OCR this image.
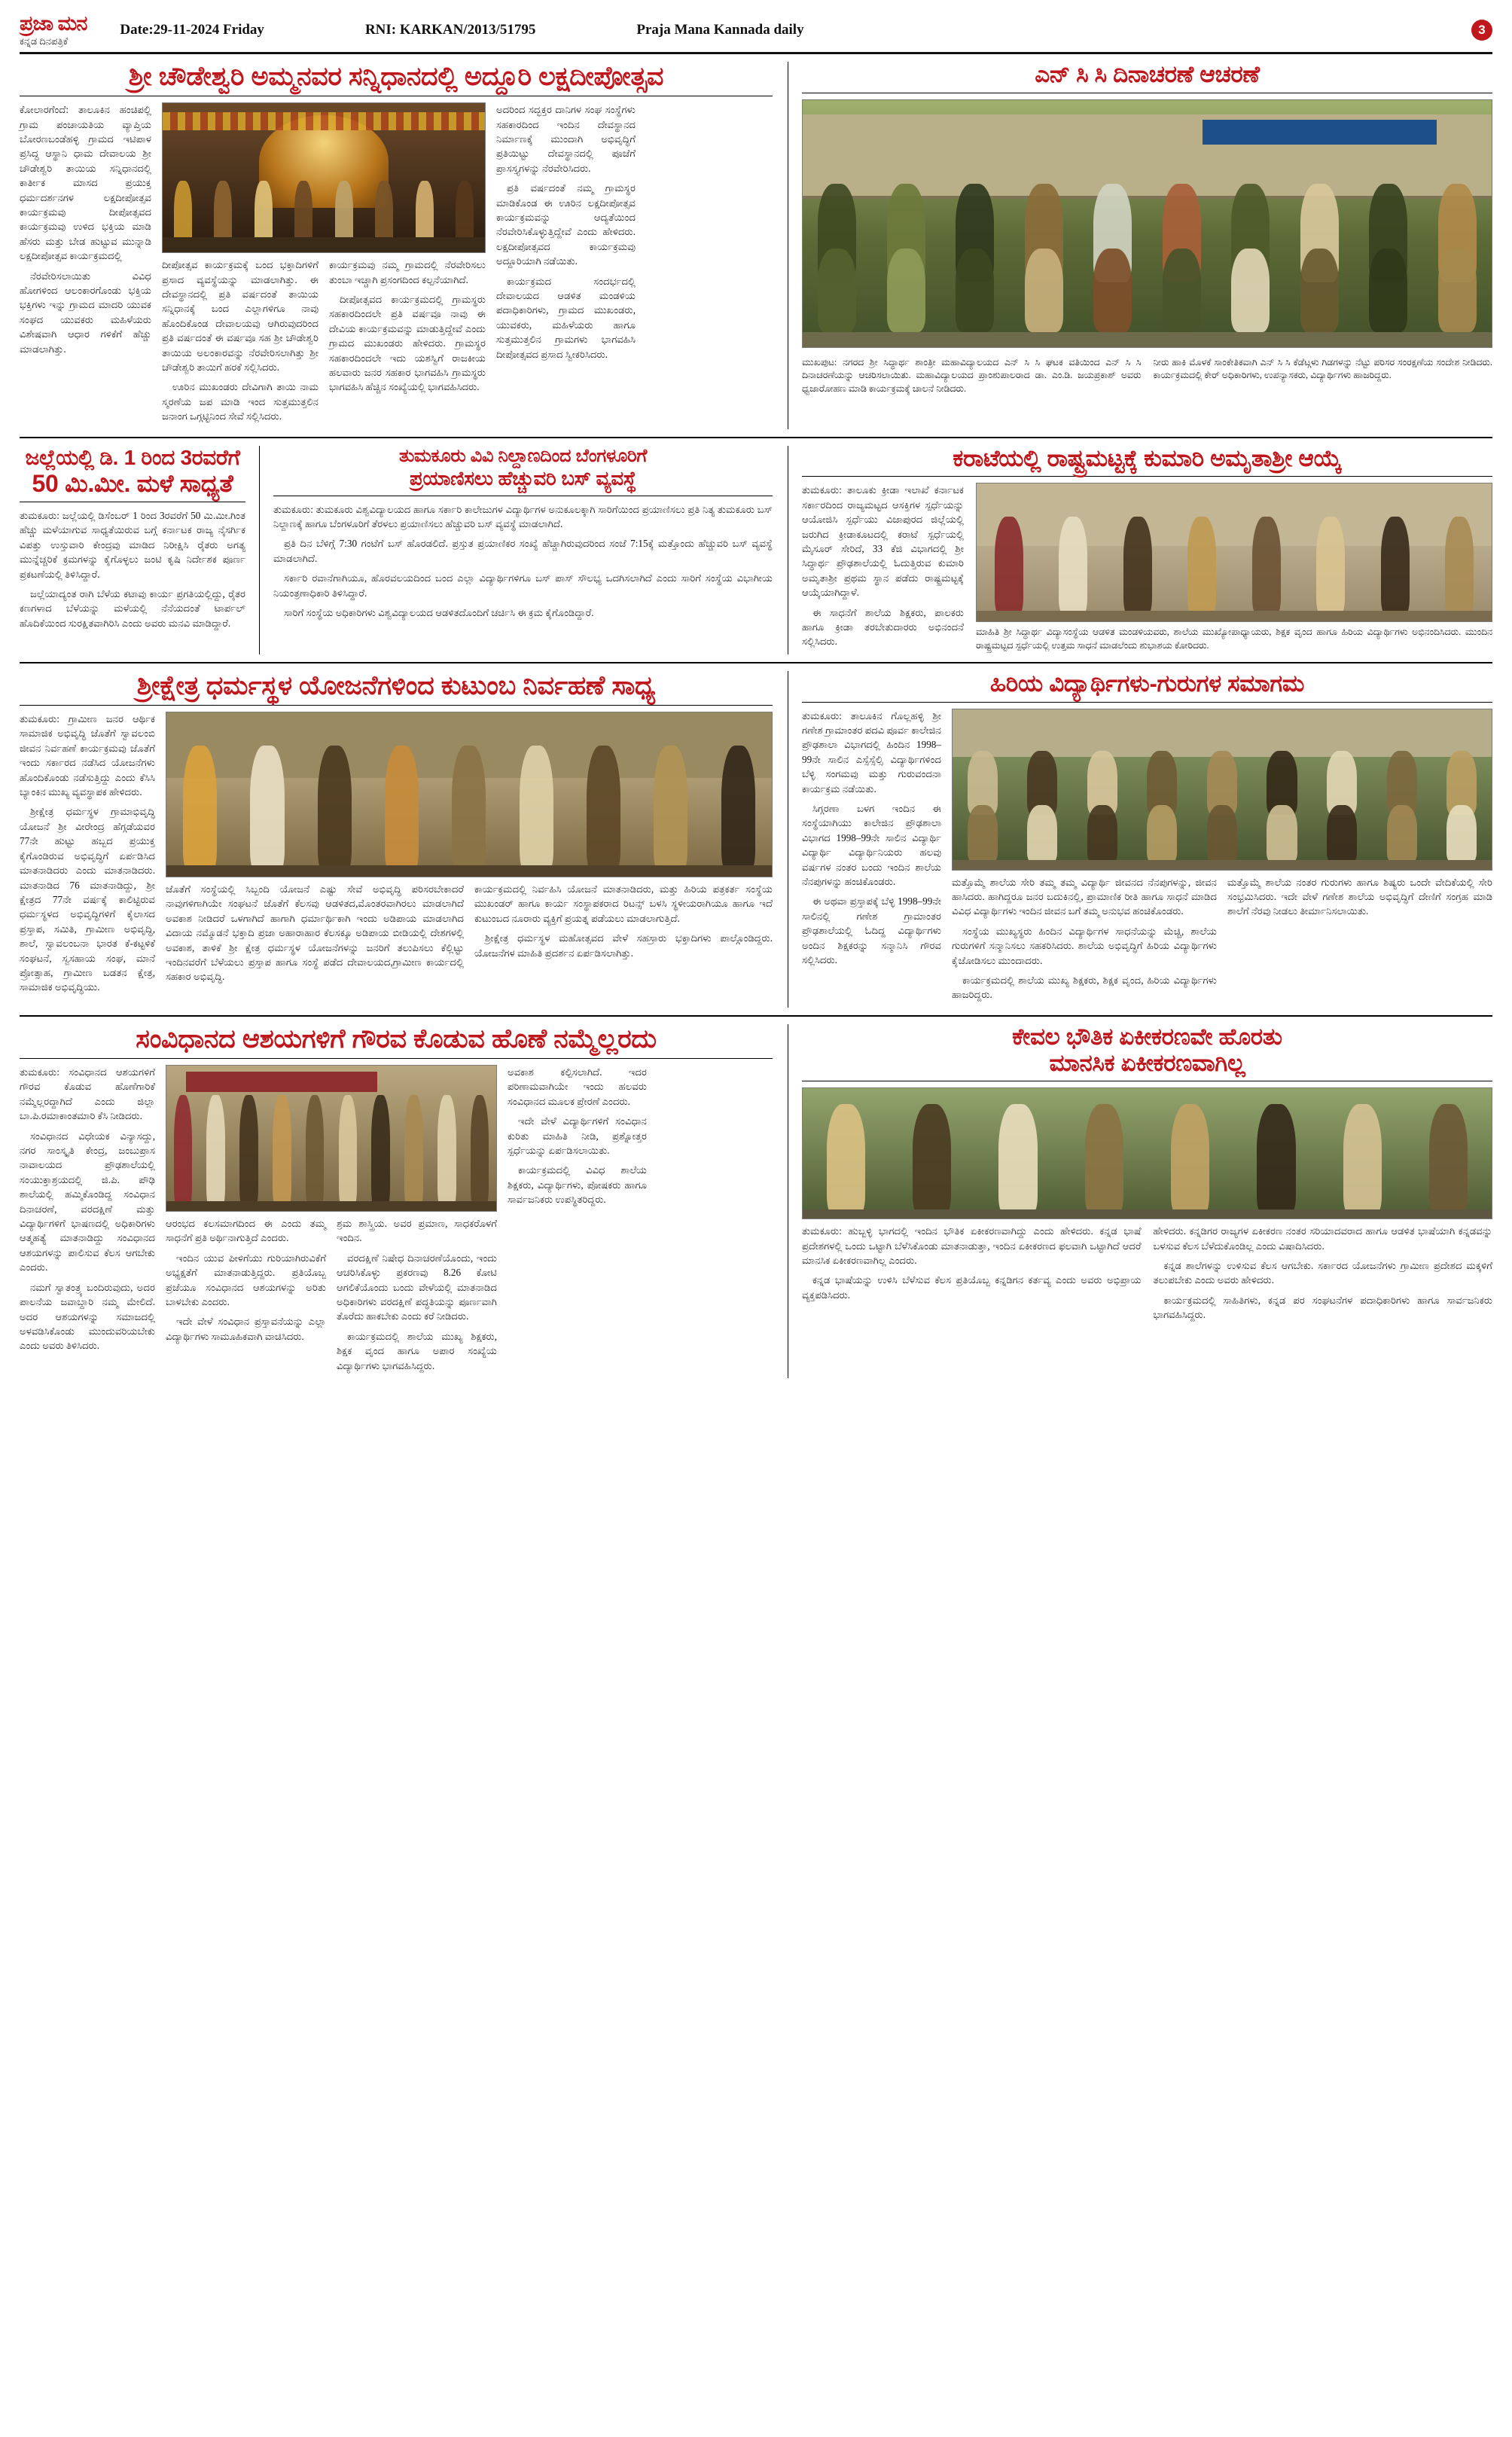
ಪ್ರಜಾ ಮನ
ಕನ್ನಡ ದಿನಪತ್ರಿಕೆ
Date:29-11-2024 Friday	RNI: KARKAN/2013/51795	Praja Mana Kannada daily	3
ಶ್ರೀ ಚೌಡೇಶ್ವರಿ ಅಮ್ಮನವರ ಸನ್ನಿಧಾನದಲ್ಲಿ ಅದ್ದೂರಿ ಲಕ್ಷದೀಪೋತ್ಸವ

ಕೋಲಾರಗೆಂದೆ: ತಾಲೂಕಿನ ಹಂಚಿಪಲ್ಲಿ ಗ್ರಾಮ ಪಂಚಾಯತಿಯ ವ್ಯಾಪ್ತಿಯ ಬೋರಣಬಂಡೆಹಳ್ಳಿ ಗ್ರಾಮದ ಇಟಿಪಾಳ ಪ್ರಸಿದ್ಧ ಆಸ್ಥಾನಿ ಧಾಮ ದೇವಾಲಯ ಶ್ರೀ ಚೌಡೇಶ್ವರಿ ತಾಯಿಯ ಸನ್ನಿಧಾನದಲ್ಲಿ ಕಾರ್ತೀಕ ಮಾಸದ ಪ್ರಯುಕ್ತ ಧರ್ಮದರ್ಶನಗಳ ಲಕ್ಷದೀಪೋತ್ಸವ ಕಾರ್ಯಕ್ರಮವು ದೀಪೋತ್ಸವದ ಕಾರ್ಯಕ್ರಮವು ಉಳಿದ ಭಕ್ತಿಯ ಮಾಡಿ ಹೆಸರು ಮತ್ತು ಬೇಡ ಹುಟ್ಟುವ ಮುನ್ನಾಡಿ ಲಕ್ಷದೀಪೋತ್ಸವ ಕಾರ್ಯಕ್ರಮದಲ್ಲಿ

ನೆರವೇರಿಸಲಾಯಿತು ವಿವಿಧ ಹೋಗಳಿಂದ ಆಲಂಕಾರಗೊಂಡು ಭಕ್ತಿಯ ಭಕ್ತಿಗಳು ಇನ್ನು ಗ್ರಾಮದ ಮಾದರಿ ಯುವಕ ಸಂಘದ ಯುವಕರು ಮಹಿಳೆಯರು ವಿಶೇಷವಾಗಿ ಆಧಾರ ಗಳಿಕೆಗೆ ಹೆಚ್ಚು ಮಾಡಲಾಗಿತ್ತು.

ದೀಪೋತ್ಸವ ಕಾರ್ಯಕ್ರಮಕ್ಕೆ ಬಂದ ಭಕ್ತಾದಿಗಳಿಗೆ ಪ್ರಸಾದ ವ್ಯವಸ್ಥೆಯನ್ನು ಮಾಡಲಾಗಿತ್ತು. ಈ ದೇವಸ್ಥಾನದಲ್ಲಿ ಪ್ರತಿ ವರ್ಷದಂತೆ ತಾಯಿಯ ಸನ್ನಿಧಾನಕ್ಕೆ ಬಂದ ಎಲ್ಲಾಗಳಿಗೂ ನಾವು ಹೊಂದಿಕೊಂಡ ದೇವಾಲಯವು ಆಗಿರುವುದರಿಂದ ಪ್ರತಿ ವರ್ಷದಂತೆ ಈ ವರ್ಷವೂ ಸಹ ಶ್ರೀ ಚೌಡೇಶ್ವರಿ ತಾಯಿಯ ಅಲಂಕಾರವನ್ನು ನೆರವೇರಿಸಲಾಗಿತ್ತು ಶ್ರೀ ಚೌಡೇಶ್ವರಿ ತಾಯಿಗೆ ಹರಕೆ ಸಲ್ಲಿಸಿದರು.

ಊರಿನ ಮುಖಂಡರು ದೇವಿಗಾಗಿ ತಾಯಿ ನಾಮ ಸ್ಮರಣೆಯ ಜಪ ಮಾಡಿ ಇಂದ ಸುತ್ತಮುತ್ತಲಿನ ಜನಾಂಗ ಒಗ್ಗಟ್ಟಿನಿಂದ ಸೇವೆ ಸಲ್ಲಿಸಿದರು.

ಕಾರ್ಯಕ್ರಮವು ನಮ್ಮ ಗ್ರಾಮದಲ್ಲಿ ನೆರವೇರಿಸಲು ತುಂಬಾ ಇಚ್ಚಾಗಿ ಪ್ರಸಂಗದಿಂದ ಕಲ್ಪನೆಯಾಗಿದೆ.

ದೀಪೋತ್ಸವದ ಕಾರ್ಯಕ್ರಮದಲ್ಲಿ ಗ್ರಾಮಸ್ಥರು ಸಹಕಾರದಿಂದಲೇ ಪ್ರತಿ ವರ್ಷವೂ ನಾವು ಈ ದೇವಿಯ ಕಾರ್ಯಕ್ರಮವನ್ನು ಮಾಡುತ್ತಿದ್ದೇವೆ ಎಂದು ಗ್ರಾಮದ ಮುಖಂಡರು ಹೇಳಿದರು. ಗ್ರಾಮಸ್ಥರ ಸಹಕಾರದಿಂದಲೇ ಇದು ಯಶಸ್ವಿಗೆ ರಾಜಕೀಯ ಹಲವಾರು ಜನರ ಸಹಕಾರ ಭಾಗವಹಿಸಿ ಗ್ರಾಮಸ್ಥರು ಭಾಗವಹಿಸಿ ಹೆಚ್ಚಿನ ಸಂಖ್ಯೆಯಲ್ಲಿ ಭಾಗವಹಿಸಿದರು.

ಅದರಿಂದ ಸದ್ಭಕ್ತರ ದಾನಿಗಳ ಸಂಘ ಸಂಸ್ಥೆಗಳು ಸಹಕಾರದಿಂದ ಇಂದಿನ ದೇವಸ್ಥಾನದ ನಿರ್ಮಾಣಕ್ಕೆ ಮುಂದಾಗಿ ಅಭಿವೃದ್ಧಿಗೆ ಪ್ರತಿಯಿಟ್ಟು ದೇವಸ್ಥಾನದಲ್ಲಿ ಪೂಜೆಗೆ ಪ್ರಾಸಸ್ತ್ಯಗಳನ್ನು ನೆರವೇರಿಸಿದರು.

ಪ್ರತಿ ವರ್ಷದಂತೆ ನಮ್ಮ ಗ್ರಾಮಸ್ಥರ ಮಾಡಿಕೊಂಡ ಈ ಊರಿನ ಲಕ್ಷದೀಪೋತ್ಸವ ಕಾರ್ಯಕ್ರಮವನ್ನು ಆದ್ಯತೆಯಿಂದ ನೆರವೇರಿಸಿಕೊಳ್ಳುತ್ತಿದ್ದೇವೆ ಎಂದು ಹೇಳಿದರು. ಲಕ್ಷದೀಪೋತ್ಸವದ ಕಾರ್ಯಕ್ರಮವು ಅದ್ದೂರಿಯಾಗಿ ನಡೆಯಿತು.

ಕಾರ್ಯಕ್ರಮದ ಸಂದರ್ಭದಲ್ಲಿ ದೇವಾಲಯದ ಆಡಳಿತ ಮಂಡಳಿಯ ಪದಾಧಿಕಾರಿಗಳು, ಗ್ರಾಮದ ಮುಖಂಡರು, ಯುವಕರು, ಮಹಿಳೆಯರು ಹಾಗೂ ಸುತ್ತಮುತ್ತಲಿನ ಗ್ರಾಮಗಳು ಭಾಗವಹಿಸಿ ದೀಪೋತ್ಸವದ ಪ್ರಸಾದ ಸ್ವೀಕರಿಸಿದರು.

ಎನ್ ಸಿ ಸಿ ದಿನಾಚರಣೆ ಆಚರಣೆ
ಮುಖಪುಟ: ನಗರದ ಶ್ರೀ ಸಿದ್ಧಾರ್ಥ ಶಾಂತ್ರೀ ಮಹಾವಿದ್ಯಾಲಯದ ಎನ್ ಸಿ ಸಿ ಘಟಕ ವತಿಯಿಂದ ಎನ್ ಸಿ ಸಿ ದಿನಾಚರಣೆಯನ್ನು ಆಚರಿಸಲಾಯಿತು. ಮಹಾವಿದ್ಯಾಲಯದ ಪ್ರಾಂಶುಪಾಲರಾದ ಡಾ. ಎಂ.ಡಿ. ಜಯಪ್ರಕಾಶ್ ಅವರು ಧ್ವಜಾರೋಹಣ ಮಾಡಿ ಕಾರ್ಯಕ್ರಮಕ್ಕೆ ಚಾಲನೆ ನೀಡಿದರು.
ನೀರು ಹಾಕಿ ಮೊಳಕೆ ಸಾಂಕೇತಿಕವಾಗಿ ಎನ್ ಸಿ ಸಿ ಕೆಡೆಟ್ಗಳು ಗಿಡಗಳನ್ನು ನೆಟ್ಟು ಪರಿಸರ ಸಂರಕ್ಷಣೆಯ ಸಂದೇಶ ನೀಡಿದರು. ಕಾರ್ಯಕ್ರಮದಲ್ಲಿ ಕೇರ್ ಅಧಿಕಾರಿಗಳು, ಉಪನ್ಯಾಸಕರು, ವಿದ್ಯಾರ್ಥಿಗಳು ಹಾಜರಿದ್ದರು.
ಜಲ್ಲೆಯಲ್ಲಿ ಡಿ. 1 ರಿಂದ 3ರವರೆಗೆ
50 ಮಿ.ಮೀ. ಮಳೆ ಸಾಧ್ಯತೆ

ತುಮಕೂರು: ಜಲ್ಲೆಯಲ್ಲಿ ಡಿಸೆಂಬರ್ 1 ರಿಂದ 3ರವರೆಗೆ 50 ಮಿ.ಮೀ.ಗಿಂತ ಹೆಚ್ಚು ಮಳೆಯಾಗುವ ಸಾಧ್ಯತೆಯಿರುವ ಬಗ್ಗೆ ಕರ್ನಾಟಕ ರಾಜ್ಯ ನೈಸರ್ಗಿಕ ವಿಪತ್ತು ಉಸ್ತುವಾರಿ ಕೇಂದ್ರವು ಮಾಡಿದ ನಿರೀಕ್ಷಿಸಿ ರೈತರು ಅಗತ್ಯ ಮುನ್ನೆಚ್ಚರಿಕೆ ಕ್ರಮಗಳನ್ನು ಕೈಗೊಳ್ಳಲು ಜಂಟಿ ಕೃಷಿ ನಿರ್ದೇಶಕ ಪೂರ್ಣ ಪ್ರಕಟಣೆಯಲ್ಲಿ ತಿಳಿಸಿದ್ದಾರೆ.

ಜಲ್ಲೆಯಾದ್ಯಂತ ರಾಗಿ ಬೆಳೆಯ ಕಟಾವು ಕಾರ್ಯ ಪ್ರಗತಿಯಲ್ಲಿದ್ದು, ರೈತರ ಕಣಗಳಾದ ಬೆಳೆಯನ್ನು ಮಳೆಯಲ್ಲಿ ನೆನೆಯದಂತೆ ಟಾರ್ಪಲ್ ಹೊದಿಕೆಯಿಂದ ಸುರಕ್ಷಿತವಾಗಿರಿಸಿ ಎಂದು ಅವರು ಮನವಿ ಮಾಡಿದ್ದಾರೆ.

ತುಮಕೂರು ವಿವಿ ನಿಲ್ದಾಣದಿಂದ ಬೆಂಗಳೂರಿಗೆ
ಪ್ರಯಾಣಿಸಲು ಹೆಚ್ಚುವರಿ ಬಸ್ ವ್ಯವಸ್ಥೆ

ತುಮಕೂರು: ತುಮಕೂರು ವಿಶ್ವವಿದ್ಯಾಲಯದ ಹಾಗೂ ಸರ್ಕಾರಿ ಕಾಲೇಜುಗಳ ವಿದ್ಯಾರ್ಥಿಗಳ ಅನುಕೂಲಕ್ಕಾಗಿ ಸಾರಿಗೆಯಿಂದ ಪ್ರಯಾಣಿಸಲು ಪ್ರತಿ ನಿತ್ಯ ತುಮಕೂರು ಬಸ್ ನಿಲ್ದಾಣಕ್ಕೆ ಹಾಗೂ ಬೆಂಗಳೂರಿಗೆ ತೆರಳಲು ಪ್ರಯಾಣಿಸಲು ಹೆಚ್ಚುವರಿ ಬಸ್ ವ್ಯವಸ್ಥೆ ಮಾಡಲಾಗಿದೆ.

ಪ್ರತಿ ದಿನ ಬೆಳಿಗ್ಗೆ 7:30 ಗಂಟೆಗೆ ಬಸ್ ಹೊರಡಲಿದೆ. ಪ್ರಸ್ತುತ ಪ್ರಯಾಣಿಕರ ಸಂಖ್ಯೆ ಹೆಚ್ಚಾಗಿರುವುದರಿಂದ ಸಂಜೆ 7:15ಕ್ಕೆ ಮತ್ತೊಂದು ಹೆಚ್ಚುವರಿ ಬಸ್ ವ್ಯವಸ್ಥೆ ಮಾಡಲಾಗಿದೆ.

ಸರ್ಕಾರಿ ರವಾನೆಗಾಗಿಯೂ, ಹೊರವಲಯದಿಂದ ಬಂದ ಎಲ್ಲಾ ವಿದ್ಯಾರ್ಥಿಗಳಿಗೂ ಬಸ್ ಪಾಸ್ ಸೌಲಭ್ಯ ಒದಗಿಸಲಾಗಿದೆ ಎಂದು ಸಾರಿಗೆ ಸಂಸ್ಥೆಯ ವಿಭಾಗೀಯ ನಿಯಂತ್ರಣಾಧಿಕಾರಿ ತಿಳಿಸಿದ್ದಾರೆ.

ಸಾರಿಗೆ ಸಂಸ್ಥೆಯ ಅಧಿಕಾರಿಗಳು ವಿಶ್ವವಿದ್ಯಾಲಯದ ಆಡಳಿತದೊಂದಿಗೆ ಚರ್ಚಿಸಿ ಈ ಕ್ರಮ ಕೈಗೊಂಡಿದ್ದಾರೆ.

ಕರಾಟೆಯಲ್ಲಿ ರಾಷ್ಟ್ರಮಟ್ಟಕ್ಕೆ ಕುಮಾರಿ ಅಮೃತಾಶ್ರೀ ಆಯ್ಕೆ

ತುಮಕೂರು: ತಾಲೂಕು ಕ್ರೀಡಾ ಇಲಾಖೆ ಕರ್ನಾಟಕ ಸರ್ಕಾರದಿಂದ ರಾಜ್ಯಮಟ್ಟದ ಆಸಕ್ತಿಗಳ ಸ್ಪರ್ಧೆಯನ್ನು ಆಯೋಜಿಸಿ ಸ್ಪರ್ಧೆಯು ವಿಜಾಪುರದ ಜಿಲ್ಲೆಯಲ್ಲಿ ಜರುಗಿದ ಕ್ರೀಡಾಕೂಟದಲ್ಲಿ ಕರಾಟೆ ಸ್ಪರ್ಧೆಯಲ್ಲಿ ಮೈಸೂರ್ ಸೇರಿದೆ, 33 ಕೆಜಿ ವಿಭಾಗದಲ್ಲಿ ಶ್ರೀ ಸಿದ್ಧಾರ್ಥ ಪ್ರೌಢಶಾಲೆಯಲ್ಲಿ ಓದುತ್ತಿರುವ ಕುಮಾರಿ ಅಮೃತಾಶ್ರೀ ಪ್ರಥಮ ಸ್ಥಾನ ಪಡೆದು ರಾಷ್ಟ್ರಮಟ್ಟಕ್ಕೆ ಆಯ್ಕೆಯಾಗಿದ್ದಾಳೆ.

ಈ ಸಾಧನೆಗೆ ಶಾಲೆಯ ಶಿಕ್ಷಕರು, ಪಾಲಕರು ಹಾಗೂ ಕ್ರೀಡಾ ತರಬೇತುದಾರರು ಅಭಿನಂದನೆ ಸಲ್ಲಿಸಿದರು.

ಮಾಹಿತಿ ಶ್ರೀ ಸಿದ್ಧಾರ್ಥ ವಿದ್ಯಾಸಂಸ್ಥೆಯ ಆಡಳಿತ ಮಂಡಳಿಯವರು, ಶಾಲೆಯ ಮುಖ್ಯೋಪಾಧ್ಯಾಯರು, ಶಿಕ್ಷಕ ವೃಂದ ಹಾಗೂ ಹಿರಿಯ ವಿದ್ಯಾರ್ಥಿಗಳು ಅಭಿನಂದಿಸಿದರು. ಮುಂದಿನ ರಾಷ್ಟ್ರಮಟ್ಟದ ಸ್ಪರ್ಧೆಯಲ್ಲಿ ಉತ್ತಮ ಸಾಧನೆ ಮಾಡಲೆಂದು ಶುಭಾಶಯ ಕೋರಿದರು.

ಶ್ರೀಕ್ಷೇತ್ರ ಧರ್ಮಸ್ಥಳ ಯೋಜನೆಗಳಿಂದ ಕುಟುಂಬ ನಿರ್ವಹಣೆ ಸಾಧ್ಯ

ತುಮಕೂರು: ಗ್ರಾಮೀಣ ಜನರ ಆರ್ಥಿಕ ಸಾಮಾಜಿಕ ಅಭಿವೃದ್ಧಿ ಜೊತೆಗೆ ಸ್ವಾವಲಂಬಿ ಜೀವನ ನಿರ್ವಹಣೆ ಕಾರ್ಯಕ್ರಮವು ಜೊತೆಗೆ ಇಂದು ಸರ್ಕಾರದ ನಡೆಸಿದ ಯೋಜನೆಗಳು ಹೊಂದಿಕೊಂಡು ನಡೆಸುತ್ತಿದ್ದು ಎಂದು ಕೆಸಿಸಿ ಬ್ಯಾಂಕಿನ ಮುಖ್ಯ ವ್ಯವಸ್ಥಾಪಕ ಹೇಳಿದರು.

ಶ್ರೀಕ್ಷೇತ್ರ ಧರ್ಮಸ್ಥಳ ಗ್ರಾಮಾಭಿವೃದ್ಧಿ ಯೋಜನೆ ಶ್ರೀ ವೀರೇಂದ್ರ ಹೆಗ್ಗಡೆಯವರ 77ನೇ ಹುಟ್ಟು ಹಬ್ಬದ ಪ್ರಯುಕ್ತ ಕೈಗೊಂಡಿರುವ ಅಭಿವೃದ್ಧಿಗೆ ಏರ್ಪಡಿಸಿದ ಮಾತನಾಡಿದರು ಎಂದು ಮಾತನಾಡಿದರು. ಮಾತನಾಡಿದ 76 ಮಾತನಾಡಿದ್ದು, ಶ್ರೀ ಕ್ಷೇತ್ರದ 77ನೇ ವರ್ಷಕ್ಕೆ ಕಾಲಿಟ್ಟಿರುವ ಧರ್ಮಸ್ಥಳದ ಅಭಿವೃದ್ಧಿಗಳಿಗೆ ಕೈಲಾಸದ ಪ್ರಸ್ತಾಪ, ಸಮಿತಿ, ಗ್ರಾಮೀಣ ಅಭಿವೃದ್ಧಿ, ಶಾಲೆ, ಸ್ವಾವಲಂಬನಾ ಭಾರತ ಕೆ-ಕಟ್ಟಳಿಕೆ ಸಂಘಟನೆ, ಸ್ವಸಹಾಯ ಸಂಘ, ಮಾನೆ ಪ್ರೋತ್ಸಾಹ, ಗ್ರಾಮೀಣ ಬಡತನ ಕ್ಷೇತ್ರ, ಸಾಮಾಜಿಕ ಅಭಿವೃದ್ಧಿಯು.

ಜೊತೆಗೆ ಸಂಸ್ಥೆಯಲ್ಲಿ ಸಿಬ್ಬಂದಿ ಯೋಜನೆ ಎಷ್ಟು ಸೇವೆ ಅಭಿವೃದ್ಧಿ ಪರಿಸರಬೇಕಾದರೆ ನಾವುಗಳಿಗಾಗಿಯೇ ಸಂಘಟನೆ ಜೊತೆಗೆ ಕೆಲಸವು ಆಡಳಿತದ,ಮೊಂತರವಾಗಿರಲು ಮಾಡಲಾಗಿದೆ ಅವಕಾಶ ನೀಡಿದರೆ ಒಳಗಾಗಿದೆ ಹಾಗಾಗಿ ಧರ್ಮಾರ್ಥಿಕಾಗಿ ಇಂದು ಅಡಿಪಾಯ ಮಾಡಲಾಗಿದ ವಿದಾಯ ನಮ್ಮೊಡನೆ ಭಕ್ತಾದಿ ಪ್ರಜಾ ಅಹಾರಾಹಾರ ಕೆಲಸಕ್ಕೂ ಅಡಿಪಾಯ ಬೀಡಿಯಲ್ಲಿ ದೇಶಗಳಲ್ಲಿ ಅವಕಾಶ, ತಾಳಿಕೆ ಶ್ರೀ ಕ್ಷೇತ್ರ ಧರ್ಮಸ್ಥಳ ಯೋಜನೆಗಳನ್ನು ಜನರಿಗೆ ತಲುಪಿಸಲು ಕೆಲ್ಲಿಟ್ಟು ಇಂದಿನವರೆಗೆ ಬೆಳೆಯಲು ಪ್ರಸ್ತಾಪ ಹಾಗೂ ಸಂಸ್ಥೆ ಪಡೆದ ದೇವಾಲಯದ,ಗ್ರಾಮೀಣ ಕಾರ್ಯದಲ್ಲಿ ಸಹಕಾರ ಅಭಿವೃದ್ಧಿ.

ಕಾರ್ಯಕ್ರಮದಲ್ಲಿ ನಿರ್ವಹಿಸಿ ಯೋಜನೆ ಮಾತನಾಡಿದರು, ಮತ್ತು ಹಿರಿಯ ಪತ್ರಕರ್ತ ಸಂಸ್ಥೆಯ ಮುಖಂಡರ್ ಹಾಗೂ ಕಾರ್ಯ ಸಂಸ್ಥಾಪಕರಾದ ರಿಟನ್ಸ್ ಬಳಸಿ ಸ್ಥಳೀಯರಾಗಿಯೂ ಹಾಗೂ ಇದೆ ಕುಟುಂಬದ ನೂರಾರು ವ್ಯಕ್ತಿಗೆ ಪ್ರಯತ್ನ ಪಡೆಯಲು ಮಾಡಲಾಗುತ್ತಿದೆ.

ಶ್ರೀಕ್ಷೇತ್ರ ಧರ್ಮಸ್ಥಳ ಮಹೋತ್ಸವದ ವೇಳೆ ಸಹಸ್ರಾರು ಭಕ್ತಾದಿಗಳು ಪಾಲ್ಗೊಂಡಿದ್ದರು. ಯೋಜನೆಗಳ ಮಾಹಿತಿ ಪ್ರದರ್ಶನ ಏರ್ಪಡಿಸಲಾಗಿತ್ತು.

ಹಿರಿಯ ವಿದ್ಯಾರ್ಥಿಗಳು-ಗುರುಗಳ ಸಮಾಗಮ

ತುಮಕೂರು: ತಾಲೂಕಿನ ಗೊಲ್ಲಹಳ್ಳಿ ಶ್ರೀ ಗಣೇಶ ಗ್ರಾಮಾಂತರ ಪದವಿ ಪೂರ್ವ ಕಾಲೇಜಿನ ಪ್ರೌಢಶಾಲಾ ವಿಭಾಗದಲ್ಲಿ ಹಿಂದಿನ 1998–99ನೇ ಸಾಲಿನ ಎಸ್ಸೆಸ್ಸೆಲ್ಸಿ ವಿದ್ಯಾರ್ಥಿಗಳಿಂದ ಬೆಳ್ಳಿ ಸಂಗಮವು ಮತ್ತು ಗುರುವಂದನಾ ಕಾರ್ಯಕ್ರಮ ನಡೆಯಿತು.

ಸಿಗ್ಗರಣಾ ಬಳಗ ಇಂದಿನ ಈ ಸಂಸ್ಥೆಯಾಗಿಯು ಕಾಲೇಜಿನ ಪ್ರೌಢಶಾಲಾ ವಿಭಾಗದ 1998–99ನೇ ಸಾಲಿನ ವಿದ್ಯಾರ್ಥಿ ವಿದ್ಯಾರ್ಥಿ ವಿದ್ಯಾರ್ಥಿನಿಯರು ಹಲವು ವರ್ಷಗಳ ನಂತರ ಬಂದು ಇಂದಿನ ಶಾಲೆಯ ನೆನಪುಗಳನ್ನು ಹಂಚಿಕೊಂಡರು.

ಈ ಅಥವಾ ಪ್ರಸ್ತಾಪಕ್ಕೆ ಬೆಳ್ಳಿ 1998–99ನೇ ಸಾಲಿನಲ್ಲಿ ಗಣೇಶ ಗ್ರಾಮಾಂತರ ಪ್ರೌಢಶಾಲೆಯಲ್ಲಿ ಓದಿದ್ದ ವಿದ್ಯಾರ್ಥಿಗಳು ಅಂದಿನ ಶಿಕ್ಷಕರನ್ನು ಸನ್ಮಾನಿಸಿ ಗೌರವ ಸಲ್ಲಿಸಿದರು.

ಮತ್ತೊಮ್ಮೆ ಶಾಲೆಯ ಸೇರಿ ತಮ್ಮ ತಮ್ಮ ವಿದ್ಯಾರ್ಥಿ ಜೀವನದ ನೆನಪುಗಳನ್ನು, ಜೀವನ ಹಾಸಿದರು. ಹಾಗಿದ್ದರೂ ಜನರ ಬದುಕಿನಲ್ಲಿ, ಪ್ರಾಮಾಣಿಕ ರೀತಿ ಹಾಗೂ ಸಾಧನೆ ಮಾಡಿದ ವಿವಿಧ ವಿದ್ಯಾರ್ಥಿಗಳು ಇಂದಿನ ಜೀವನ ಬಗೆ ತಮ್ಮ ಅನುಭವ ಹಂಚಿಕೊಂಡರು.

ಸಂಸ್ಥೆಯ ಮುಖ್ಯಸ್ಥರು ಹಿಂದಿನ ವಿದ್ಯಾರ್ಥಿಗಳ ಸಾಧನೆಯನ್ನು ಮೆಚ್ಚಿ, ಶಾಲೆಯ ಗುರುಗಳಿಗೆ ಸನ್ಮಾನಿಸಲು ಸಹಕರಿಸಿದರು. ಶಾಲೆಯ ಅಭಿವೃದ್ಧಿಗೆ ಹಿರಿಯ ವಿದ್ಯಾರ್ಥಿಗಳು ಕೈಜೋಡಿಸಲು ಮುಂದಾದರು.

ಕಾರ್ಯಕ್ರಮದಲ್ಲಿ ಶಾಲೆಯ ಮುಖ್ಯ ಶಿಕ್ಷಕರು, ಶಿಕ್ಷಕ ವೃಂದ, ಹಿರಿಯ ವಿದ್ಯಾರ್ಥಿಗಳು ಹಾಜರಿದ್ದರು.

ಮತ್ತೊಮ್ಮೆ ಶಾಲೆಯ ನಂತರ ಗುರುಗಳು ಹಾಗೂ ಶಿಷ್ಯರು ಒಂದೇ ವೇದಿಕೆಯಲ್ಲಿ ಸೇರಿ ಸಂಭ್ರಮಿಸಿದರು. ಇದೇ ವೇಳೆ ಗಣೇಶ ಶಾಲೆಯ ಅಭಿವೃದ್ಧಿಗೆ ದೇಣಿಗೆ ಸಂಗ್ರಹ ಮಾಡಿ ಶಾಲೆಗೆ ನೆರವು ನೀಡಲು ತೀರ್ಮಾನಿಸಲಾಯಿತು.

ಸಂವಿಧಾನದ ಆಶಯಗಳಿಗೆ ಗೌರವ ಕೊಡುವ ಹೊಣೆ ನಮ್ಮೆಲ್ಲರದು

ತುಮಕೂರು: ಸಂವಿಧಾನದ ಆಶಯಗಳಿಗೆ ಗೌರವ ಕೊಡುವ ಹೊಣೆಗಾರಿಕೆ ನಮ್ಮೆಲ್ಲರದ್ದಾಗಿದೆ ಎಂದು ಜಿಲ್ಲಾ ಬಾ.ಪಿ.ರಮಾಕಾಂತಮಾರಿ ಕೆಸಿ ನೀಡಿದರು.

ಸಂವಿಧಾನದ ವಿಧೇಯಕ ವಿನ್ಯಾಸದ್ದು, ನಗರ ಸಾಂಸ್ಕೃತಿ ಕೇಂದ್ರ, ಜಂಬುಪ್ರಾಸ ನಾವಾಲಯದ ಪ್ರೌಢಶಾಲೆಯಲ್ಲಿ ಸಂಯುಕ್ತಾಶ್ರಯದಲ್ಲಿ ಜಿ.ಪಿ. ಪೌಢಿ ಶಾಲೆಯಲ್ಲಿ ಹಮ್ಮಿಕೊಂಡಿದ್ದ ಸಂವಿಧಾನ ದಿನಾಚರಣೆ, ವರದಕ್ಷಿಣೆ ಮತ್ತು ವಿದ್ಯಾರ್ಥಿಗಳಿಗೆ ಭಾಷಣದಲ್ಲಿ ಅಧಿಕಾರಿಗಳು ಆತ್ಮಹತ್ಯೆ ಮಾತನಾಡಿದ್ದು ಸಂವಿಧಾನದ ಆಶಯಗಳನ್ನು ಪಾಲಿಸುವ ಕೆಲಸ ಆಗಬೇಕು ಎಂದರು.

ನಮಗೆ ಸ್ವಾತಂತ್ರ್ಯ ಬಂದಿರುವುದು, ಅದರ ಪಾಲನೆಯ ಜವಾಬ್ದಾರಿ ನಮ್ಮ ಮೇಲಿದೆ. ಅದರ ಆಶಯಗಳನ್ನು ಸಮಾಜದಲ್ಲಿ ಅಳವಡಿಸಿಕೊಂಡು ಮುಂದುವರಿಯಬೇಕು ಎಂದು ಅವರು ತಿಳಿಸಿದರು.

ಆರಂಭದ ಕಲಸಮಾಗದಿಂದ ಈ ಎಂದು ತಮ್ಮ ಸಾಧನೆಗೆ ಪ್ರತಿ ಅರ್ಥಿನಾಗುತ್ತಿದೆ ಎಂದರು.

ಇಂದಿನ ಯುವ ಪೀಳಿಗೆಯು ಗುರಿಯಾಗಿರುವಿಕೆಗೆ ಅಭ್ಯಕ್ಷತೆಗೆ ಮಾತನಾಡುತ್ತಿದ್ದರು. ಪ್ರತಿಯೊಬ್ಬ ಪ್ರಜೆಯೂ ಸಂವಿಧಾನದ ಆಶಯಗಳನ್ನು ಅರಿತು ಬಾಳಬೇಕು ಎಂದರು.

ಇದೇ ವೇಳೆ ಸಂವಿಧಾನ ಪ್ರಸ್ತಾವನೆಯನ್ನು ಎಲ್ಲಾ ವಿದ್ಯಾರ್ಥಿಗಳು ಸಾಮೂಹಿಕವಾಗಿ ವಾಚಿಸಿದರು.

ಶ್ರಮ ಶಾಸ್ತ್ರಿಯ. ಅವರ ಪ್ರಮಾಣ, ಸಾಧಕರೊಳಗೆ ಇಂದಿನ.

ವರದಕ್ಷಿಣೆ ನಿಷೇಧ ದಿನಾಚರಣೆಯೊಂದು, ಇಂದು ಆಚರಿಸಿಕೊಳ್ಳು ಪ್ರಕರಣವು 8.26 ಕೋಟಿ ಆಗಲಿಕೆಯೊಂದು ಬಂದು ವೇಳೆಯಲ್ಲಿ ಮಾತನಾಡಿದ ಅಧಿಕಾರಿಗಳು ವರದಕ್ಷಿಣೆ ಪದ್ಧತಿಯನ್ನು ಪೂರ್ಣವಾಗಿ ತೊರೆದು ಹಾಕಬೇಕು ಎಂದು ಕರೆ ನೀಡಿದರು.

ಕಾರ್ಯಕ್ರಮದಲ್ಲಿ ಶಾಲೆಯ ಮುಖ್ಯ ಶಿಕ್ಷಕರು, ಶಿಕ್ಷಕ ವೃಂದ ಹಾಗೂ ಅಪಾರ ಸಂಖ್ಯೆಯ ವಿದ್ಯಾರ್ಥಿಗಳು ಭಾಗವಹಿಸಿದ್ದರು.

ಅವಕಾಶ ಕಲ್ಪಿಸಲಾಗಿದೆ. ಇದರ ಪರಿಣಾಮವಾಗಿಯೇ ಇಂದು ಹಲವರು ಸಂವಿಧಾನದ ಮೂಲಕ ಪ್ರೇರಣೆ ಎಂದರು.

ಇದೇ ವೇಳೆ ವಿದ್ಯಾರ್ಥಿಗಳಿಗೆ ಸಂವಿಧಾನ ಕುರಿತು ಮಾಹಿತಿ ನೀಡಿ, ಪ್ರಶ್ನೋತ್ತರ ಸ್ಪರ್ಧೆಯನ್ನು ಏರ್ಪಡಿಸಲಾಯಿತು.

ಕಾರ್ಯಕ್ರಮದಲ್ಲಿ ವಿವಿಧ ಶಾಲೆಯ ಶಿಕ್ಷಕರು, ವಿದ್ಯಾರ್ಥಿಗಳು, ಪೋಷಕರು ಹಾಗೂ ಸಾರ್ವಜನಿಕರು ಉಪಸ್ಥಿತರಿದ್ದರು.

ಕೇವಲ ಭೌತಿಕ ಏಕೀಕರಣವೇ ಹೊರತು
ಮಾನಸಿಕ ಏಕೀಕರಣವಾಗಿಲ್ಲ

ತುಮಕೂರು: ಹುಬ್ಬಳ್ಳಿ ಭಾಗದಲ್ಲಿ ಇಂದಿನ ಭೌತಿಕ ಏಕೀಕರಣವಾಗಿದ್ದು ಎಂದು ಹೇಳಿದರು. ಕನ್ನಡ ಭಾಷೆ ಪ್ರದೇಶಗಳಲ್ಲಿ ಒಂದು ಒಟ್ಟಾಗಿ ಬೆಳೆಸಿಕೊಂಡು ಮಾತನಾಡುತ್ತಾ, ಇಂದಿನ ಏಕೀಕರಣದ ಫಲವಾಗಿ ಒಟ್ಟಾಗಿದೆ ಆದರೆ ಮಾನಸಿಕ ಏಕೀಕರಣವಾಗಿಲ್ಲ ಎಂದರು.

ಕನ್ನಡ ಭಾಷೆಯನ್ನು ಉಳಿಸಿ ಬೆಳೆಸುವ ಕೆಲಸ ಪ್ರತಿಯೊಬ್ಬ ಕನ್ನಡಿಗನ ಕರ್ತವ್ಯ ಎಂದು ಅವರು ಅಭಿಪ್ರಾಯ ವ್ಯಕ್ತಪಡಿಸಿದರು.

ಹೇಳಿದರು. ಕನ್ನಡಿಗರ ರಾಜ್ಯಗಳ ಏಕೀಕರಣ ನಂತರ ಸರಿಯಾದವರಾದ ಹಾಗೂ ಆಡಳಿತ ಭಾಷೆಯಾಗಿ ಕನ್ನಡವನ್ನು ಬಳಸುವ ಕೆಲಸ ಬೆಳೆದುಕೊಂಡಿಲ್ಲ ಎಂದು ವಿಷಾದಿಸಿದರು.

ಕನ್ನಡ ಶಾಲೆಗಳನ್ನು ಉಳಿಸುವ ಕೆಲಸ ಆಗಬೇಕು. ಸರ್ಕಾರದ ಯೋಜನೆಗಳು ಗ್ರಾಮೀಣ ಪ್ರದೇಶದ ಮಕ್ಕಳಿಗೆ ತಲುಪಬೇಕು ಎಂದು ಅವರು ಹೇಳಿದರು.

ಕಾರ್ಯಕ್ರಮದಲ್ಲಿ ಸಾಹಿತಿಗಳು, ಕನ್ನಡ ಪರ ಸಂಘಟನೆಗಳ ಪದಾಧಿಕಾರಿಗಳು ಹಾಗೂ ಸಾರ್ವಜನಿಕರು ಭಾಗವಹಿಸಿದ್ದರು.
